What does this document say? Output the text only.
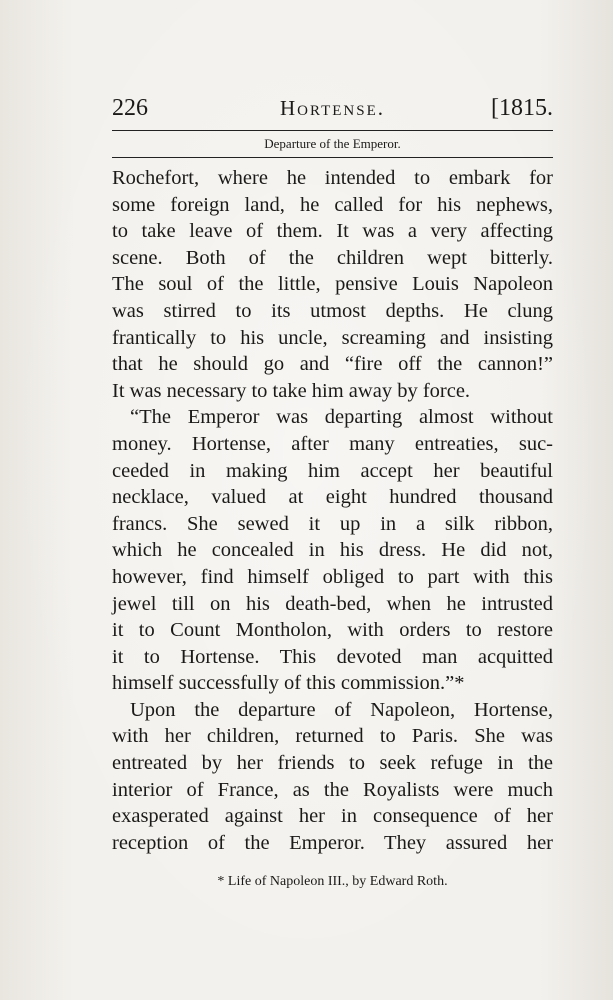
226	Hortense.	[1815.
Departure of the Emperor.
Rochefort, where he intended to embark for
some foreign land, he called for his nephews,
to take leave of them. It was a very affecting
scene. Both of the children wept bitterly.
The soul of the little, pensive Louis Napoleon
was stirred to its utmost depths. He clung
frantically to his uncle, screaming and insisting
that he should go and “fire off the cannon!”
It was necessary to take him away by force.
“The Emperor was departing almost without
money. Hortense, after many entreaties, suc-
ceeded in making him accept her beautiful
necklace, valued at eight hundred thousand
francs. She sewed it up in a silk ribbon,
which he concealed in his dress. He did not,
however, find himself obliged to part with this
jewel till on his death-bed, when he intrusted
it to Count Montholon, with orders to restore
it to Hortense. This devoted man acquitted
himself successfully of this commission.”*
Upon the departure of Napoleon, Hortense,
with her children, returned to Paris. She was
entreated by her friends to seek refuge in the
interior of France, as the Royalists were much
exasperated against her in consequence of her
reception of the Emperor. They assured her
* Life of Napoleon III., by Edward Roth.
